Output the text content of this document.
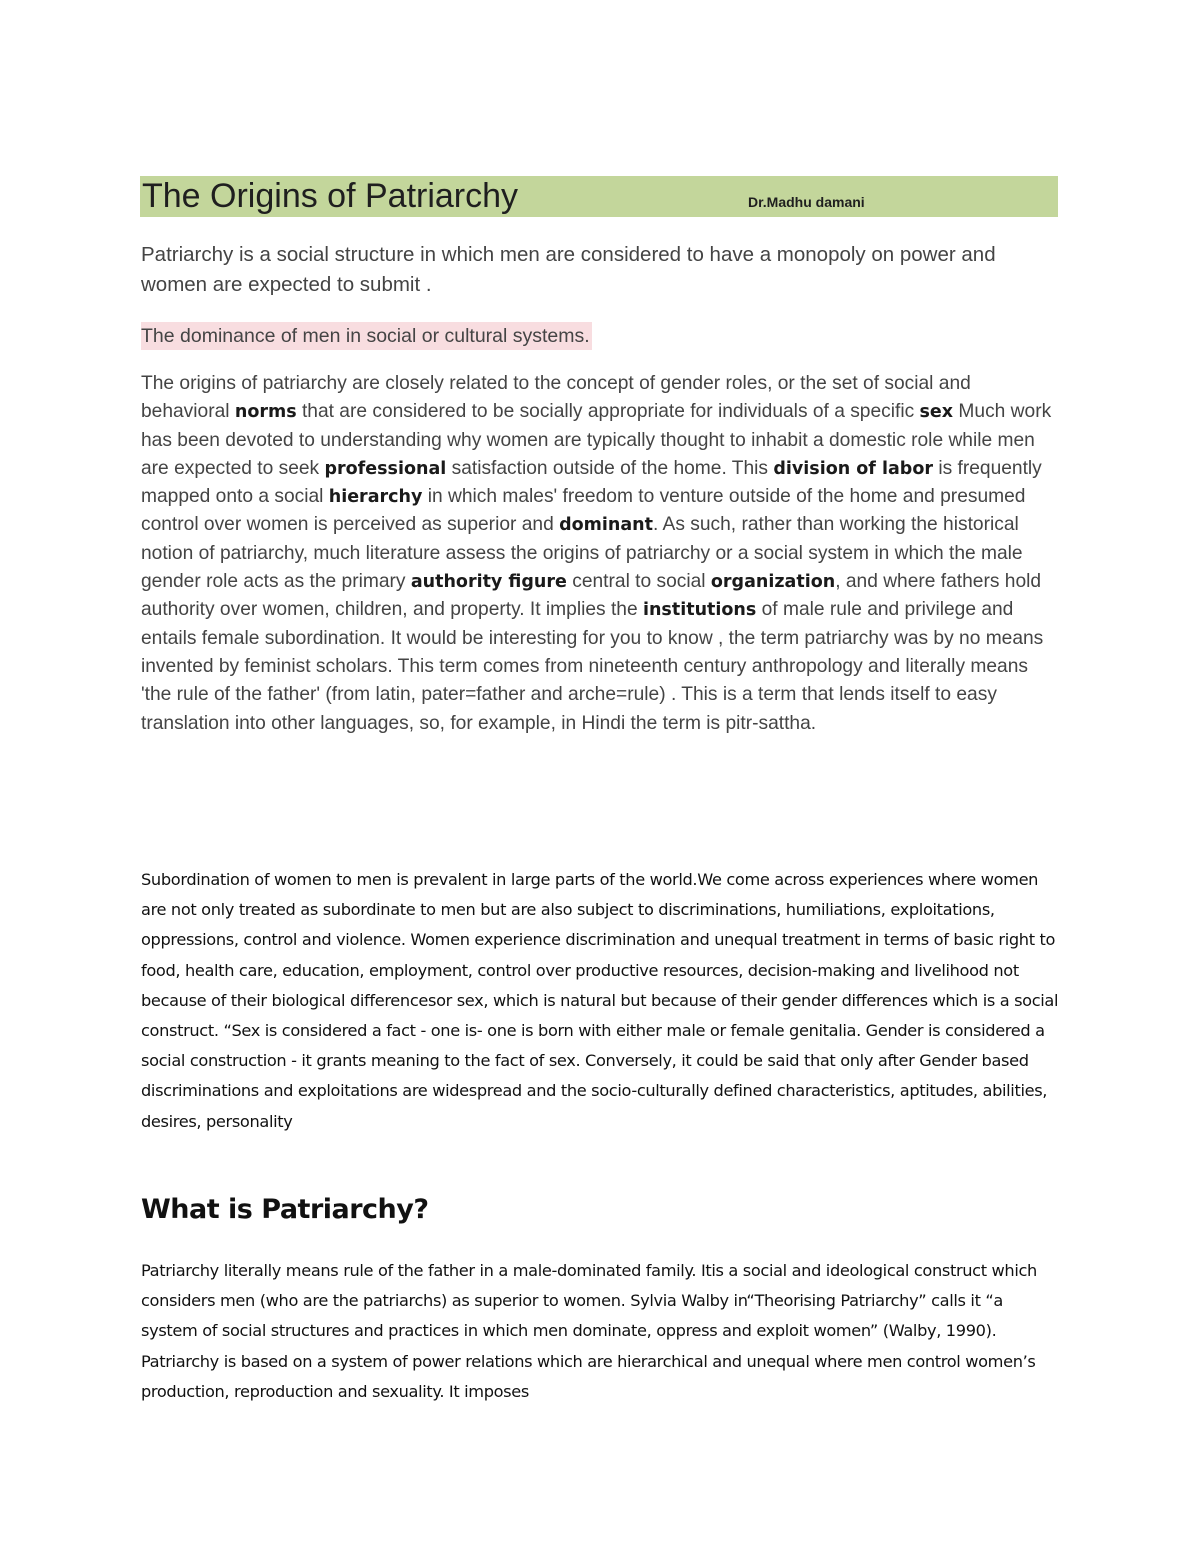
The Origins of Patriarchy	Dr.Madhu damani

Patriarchy is a social structure in which men are considered to have a monopoly on power and women are expected to submit .

The dominance of men in social or cultural systems.

The origins of patriarchy are closely related to the concept of gender roles, or the set of social and behavioral norms that are considered to be socially appropriate for individuals of a specific sex Much work has been devoted to understanding why women are typically thought to inhabit a domestic role while men are expected to seek professional satisfaction outside of the home. This division of labor is frequently mapped onto a social hierarchy in which males' freedom to venture outside of the home and presumed control over women is perceived as superior and dominant. As such, rather than working the historical notion of patriarchy, much literature assess the origins of patriarchy or a social system in which the male gender role acts as the primary authority figure central to social organization, and where fathers hold authority over women, children, and property. It implies the institutions of male rule and privilege and entails female subordination. It would be interesting for you to know , the term patriarchy was by no means invented by feminist scholars. This term comes from nineteenth century anthropology and literally means 'the rule of the father' (from latin, pater=father and arche=rule) . This is a term that lends itself to easy translation into other languages, so, for example, in Hindi the term is pitr-sattha.

Subordination of women to men is prevalent in large parts of the world.We come across experiences where women are not only treated as subordinate to men but are also subject to discriminations, humiliations, exploitations, oppressions, control and violence. Women experience discrimination and unequal treatment in terms of basic right to food, health care, education, employment, control over productive resources, decision-making and livelihood not because of their biological differencesor sex, which is natural but because of their gender differences which is a social construct. “Sex is considered a fact - one is- one is born with either male or female genitalia. Gender is considered a social construction - it grants meaning to the fact of sex. Conversely, it could be said that only after Gender based discriminations and exploitations are widespread and the socio-culturally defined characteristics, aptitudes, abilities, desires, personality

What is Patriarchy?

Patriarchy literally means rule of the father in a male-dominated family. Itis a social and ideological construct which considers men (who are the patriarchs) as superior to women. Sylvia Walby in“Theorising Patriarchy” calls it “a system of social structures and practices in which men dominate, oppress and exploit women” (Walby, 1990). Patriarchy is based on a system of power relations which are hierarchical and unequal where men control women’s production, reproduction and sexuality. It imposes
